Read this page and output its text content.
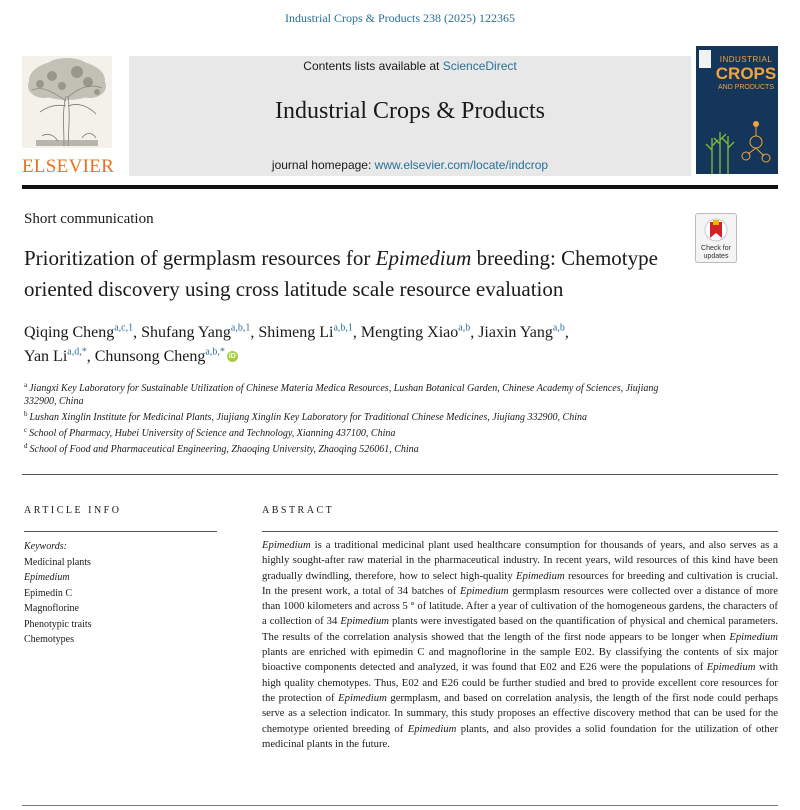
Industrial Crops & Products 238 (2025) 122365
ELSEVIER
Contents lists available at ScienceDirect
Industrial Crops & Products
journal homepage: www.elsevier.com/locate/indcrop
INDUSTRIAL
CROPS
AND PRODUCTS
Short communication
Prioritization of germplasm resources for Epimedium breeding: Chemotype oriented discovery using cross latitude scale resource evaluation
Check for updates
Qiqing Cheng$^{a,c,1}$, Shufang Yang$^{a,b,1}$, Shimeng Li$^{a,b,1}$, Mengting Xiao$^{a,b}$, Jiaxin Yang$^{a,b}$,
Yan Li$^{a,d,*}$, Chunsong Cheng$^{a,b,*}$ iD
$^a$ Jiangxi Key Laboratory for Sustainable Utilization of Chinese Materia Medica Resources, Lushan Botanical Garden, Chinese Academy of Sciences, Jiujiang 332900, China
$^b$ Lushan Xinglin Institute for Medicinal Plants, Jiujiang Xinglin Key Laboratory for Traditional Chinese Medicines, Jiujiang 332900, China
$^c$ School of Pharmacy, Hubei University of Science and Technology, Xianning 437100, China
$^d$ School of Food and Pharmaceutical Engineering, Zhaoqing University, Zhaoqing 526061, China
ARTICLE INFO
Keywords:
Medicinal plants
Epimedium
Epimedin C
Magnoflorine
Phenotypic traits
Chemotypes
ABSTRACT
Epimedium is a traditional medicinal plant used healthcare consumption for thousands of years, and also serves as a highly sought-after raw material in the pharmaceutical industry. In recent years, wild resources of this kind have been gradually dwindling, therefore, how to select high-quality Epimedium resources for breeding and cultivation is crucial. In the present work, a total of 34 batches of Epimedium germplasm resources were collected over a distance of more than 1000 kilometers and across 5 ° of latitude. After a year of cultivation of the homogeneous gardens, the characters of a collection of 34 Epimedium plants were investigated based on the quantification of physical and chemical parameters. The results of the correlation analysis showed that the length of the first node appears to be longer when Epimedium plants are enriched with epimedin C and magnoflorine in the sample E02. By classifying the contents of six major bioactive components detected and analyzed, it was found that E02 and E26 were the populations of Epimedium with high quality chemotypes. Thus, E02 and E26 could be further studied and bred to provide excellent core resources for the protection of Epimedium germplasm, and based on correlation analysis, the length of the first node could perhaps serve as a selection indicator. In summary, this study proposes an effective discovery method that can be used for the chemotype oriented breeding of Epimedium plants, and also provides a solid foundation for the utilization of other medicinal plants in the future.
